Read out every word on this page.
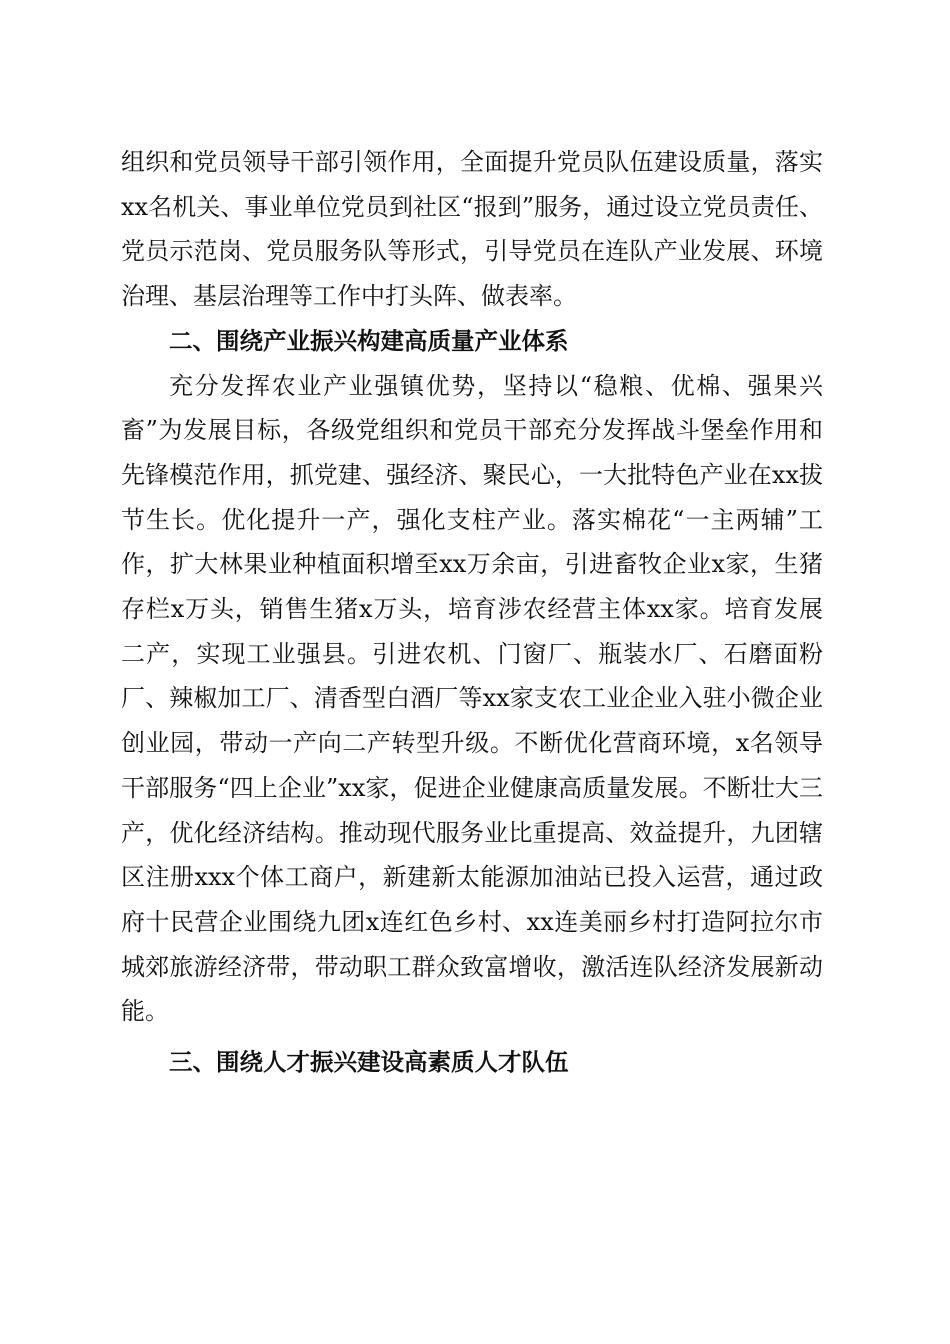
组织和党员领导干部引领作用，全面提升党员队伍建设质量，落实xx名机关、事业单位党员到社区“报到”服务，通过设立党员责任、党员示范岗、党员服务队等形式，引导党员在连队产业发展、环境治理、基层治理等工作中打头阵、做表率。

二、围绕产业振兴构建高质量产业体系

充分发挥农业产业强镇优势，坚持以“稳粮、优棉、强果兴畜”为发展目标，各级党组织和党员干部充分发挥战斗堡垒作用和先锋模范作用，抓党建、强经济、聚民心，一大批特色产业在xx拔节生长。优化提升一产，强化支柱产业。落实棉花“一主两辅”工作，扩大林果业种植面积增至xx万余亩，引进畜牧企业x家，生猪存栏x万头，销售生猪x万头，培育涉农经营主体xx家。培育发展二产，实现工业强县。引进农机、门窗厂、瓶装水厂、石磨面粉厂、辣椒加工厂、清香型白酒厂等xx家支农工业企业入驻小微企业创业园，带动一产向二产转型升级。不断优化营商环境，x名领导干部服务“四上企业”xx家，促进企业健康高质量发展。不断壮大三产，优化经济结构。推动现代服务业比重提高、效益提升，九团辖区注册xxx个体工商户，新建新太能源加油站已投入运营，通过政府十民营企业围绕九团x连红色乡村、xx连美丽乡村打造阿拉尔市城郊旅游经济带，带动职工群众致富增收，激活连队经济发展新动能。

三、围绕人才振兴建设高素质人才队伍
